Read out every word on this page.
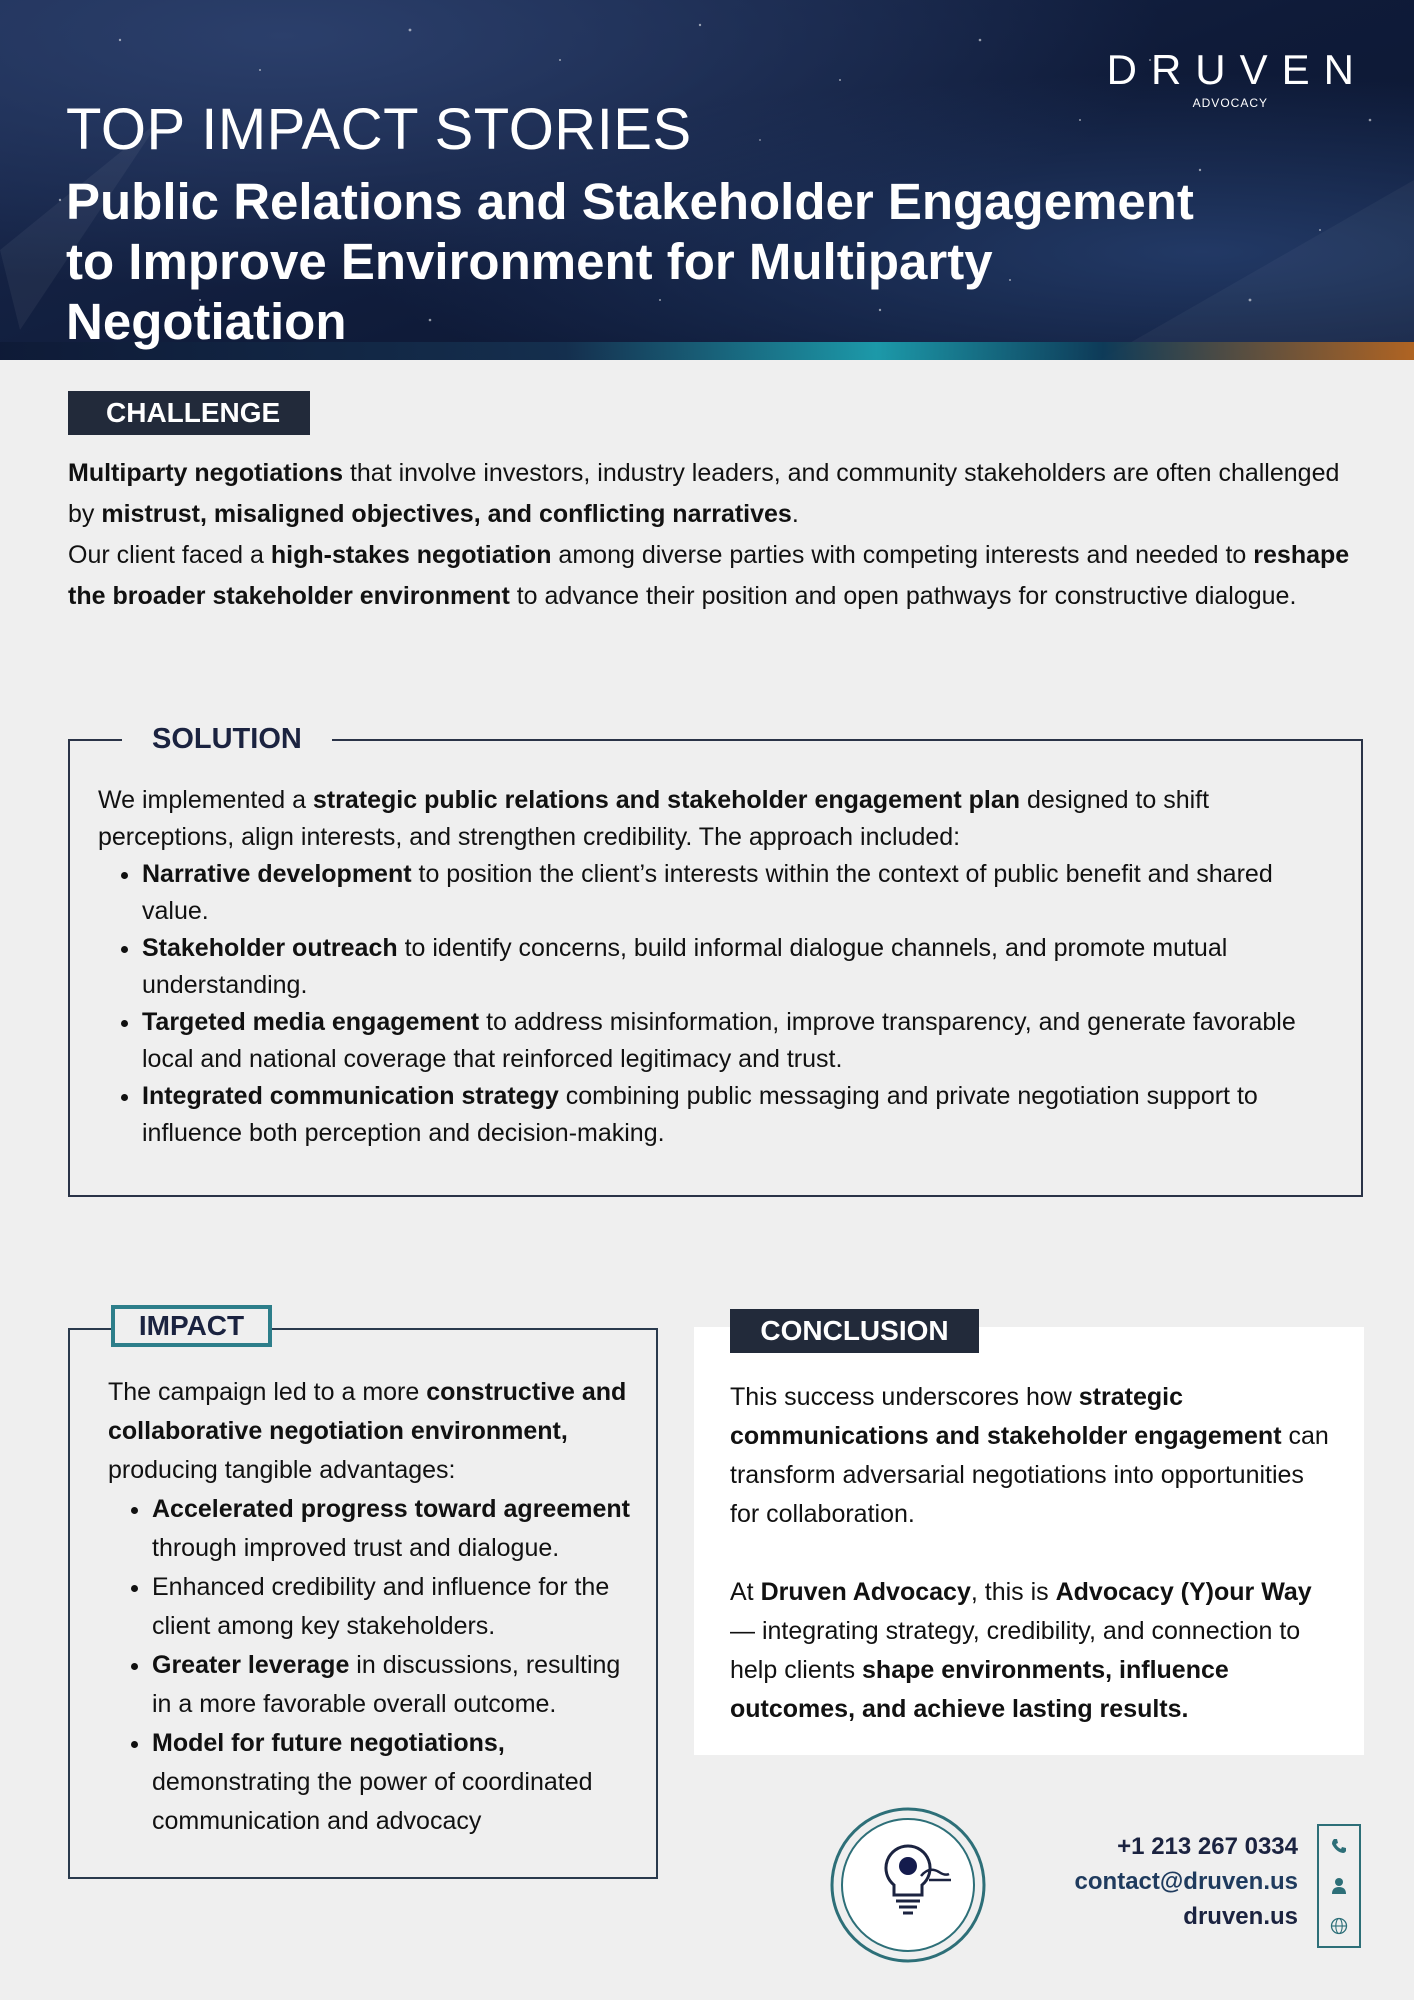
TOP IMPACT STORIES
Public Relations and Stakeholder Engagement to Improve Environment for Multiparty Negotiation
DRUVEN
ADVOCACY
CHALLENGE
Multiparty negotiations that involve investors, industry leaders, and community stakeholders are often challenged by mistrust, misaligned objectives, and conflicting narratives.
Our client faced a high-stakes negotiation among diverse parties with competing interests and needed to reshape the broader stakeholder environment to advance their position and open pathways for constructive dialogue.
SOLUTION
We implemented a strategic public relations and stakeholder engagement plan designed to shift perceptions, align interests, and strengthen credibility. The approach included:
• Narrative development to position the client’s interests within the context of public benefit and shared value.
• Stakeholder outreach to identify concerns, build informal dialogue channels, and promote mutual understanding.
• Targeted media engagement to address misinformation, improve transparency, and generate favorable local and national coverage that reinforced legitimacy and trust.
• Integrated communication strategy combining public messaging and private negotiation support to influence both perception and decision-making.
IMPACT
The campaign led to a more constructive and collaborative negotiation environment, producing tangible advantages:
• Accelerated progress toward agreement through improved trust and dialogue.
• Enhanced credibility and influence for the client among key stakeholders.
• Greater leverage in discussions, resulting in a more favorable overall outcome.
• Model for future negotiations, demonstrating the power of coordinated communication and advocacy
CONCLUSION
This success underscores how strategic communications and stakeholder engagement can transform adversarial negotiations into opportunities for collaboration.
At Druven Advocacy, this is Advocacy (Y)our Way — integrating strategy, credibility, and connection to help clients shape environments, influence outcomes, and achieve lasting results.
+1 213 267 0334
contact@druven.us
druven.us
